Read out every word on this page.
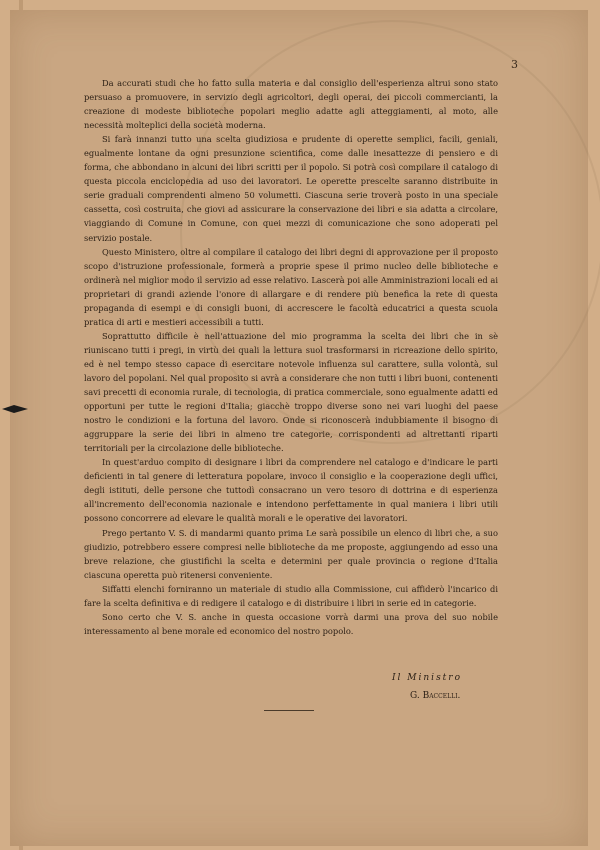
3

Da accurati studi che ho fatto sulla materia e dal consiglio dell'esperienza altrui sono stato persuaso a promuovere, in servizio degli agricoltori, degli operai, dei piccoli commercianti, la creazione di modeste biblioteche popolari meglio adatte agli atteggiamenti, al moto, alle necessità molteplici della società moderna.

Si farà innanzi tutto una scelta giudiziosa e prudente di operette semplici, facili, geniali, egualmente lontane da ogni presunzione scientifica, come dalle inesattezze di pensiero e di forma, che abbondano in alcuni dei libri scritti per il popolo. Si potrà così compilare il catalogo di questa piccola enciclopedia ad uso dei lavoratori. Le operette prescelte saranno distribuite in serie graduali comprendenti almeno 50 volumetti. Ciascuna serie troverà posto in una speciale cassetta, così costruita, che giovi ad assicurare la conservazione dei libri e sia adatta a circolare, viaggiando di Comune in Comune, con quei mezzi di comunicazione che sono adoperati pel servizio postale.

Questo Ministero, oltre al compilare il catalogo dei libri degni di approvazione per il proposto scopo d'istruzione professionale, formerà a proprie spese il primo nucleo delle biblioteche e ordinerà nel miglior modo il servizio ad esse relativo. Lascerà poi alle Amministrazioni locali ed ai proprietari di grandi aziende l'onore di allargare e di rendere più benefica la rete di questa propaganda di esempi e di consigli buoni, di accrescere le facoltà educatrici a questa scuola pratica di arti e mestieri accessibili a tutti.

Soprattutto difficile è nell'attuazione del mio programma la scelta dei libri che in sè riuniscano tutti i pregi, in virtù dei quali la lettura suol trasformarsi in ricreazione dello spirito, ed è nel tempo stesso capace di esercitare notevole influenza sul carattere, sulla volontà, sul lavoro del popolani. Nel qual proposito si avrà a considerare che non tutti i libri buoni, contenenti savi precetti di economia rurale, di tecnologia, di pratica commerciale, sono egualmente adatti ed opportuni per tutte le regioni d'Italia; giacchè troppo diverse sono nei vari luoghi del paese nostro le condizioni e la fortuna del lavoro. Onde si riconoscerà indubbiamente il bisogno di aggruppare la serie dei libri in almeno tre categorie, corrispondenti ad altrettanti riparti territoriali per la circolazione delle biblioteche.

In quest'arduo compito di designare i libri da comprendere nel catalogo e d'indicare le parti deficienti in tal genere di letteratura popolare, invoco il consiglio e la cooperazione degli uffici, degli istituti, delle persone che tuttodì consacrano un vero tesoro di dottrina e di esperienza all'incremento dell'economia nazionale e intendono perfettamente in qual maniera i libri utili possono concorrere ad elevare le qualità morali e le operative dei lavoratori.

Prego pertanto V. S. di mandarmi quanto prima Le sarà possibile un elenco di libri che, a suo giudizio, potrebbero essere compresi nelle biblioteche da me proposte, aggiungendo ad esso una breve relazione, che giustifichi la scelta e determini per quale provincia o regione d'Italia ciascuna operetta può ritenersi conveniente.

Siffatti elenchi forniranno un materiale di studio alla Commissione, cui affiderò l'incarico di fare la scelta definitiva e di redigere il catalogo e di distribuire i libri in serie ed in categorie.

Sono certo che V. S. anche in questa occasione vorrà darmi una prova del suo nobile interessamento al bene morale ed economico del nostro popolo.

Il Ministro
G. Baccelli.
